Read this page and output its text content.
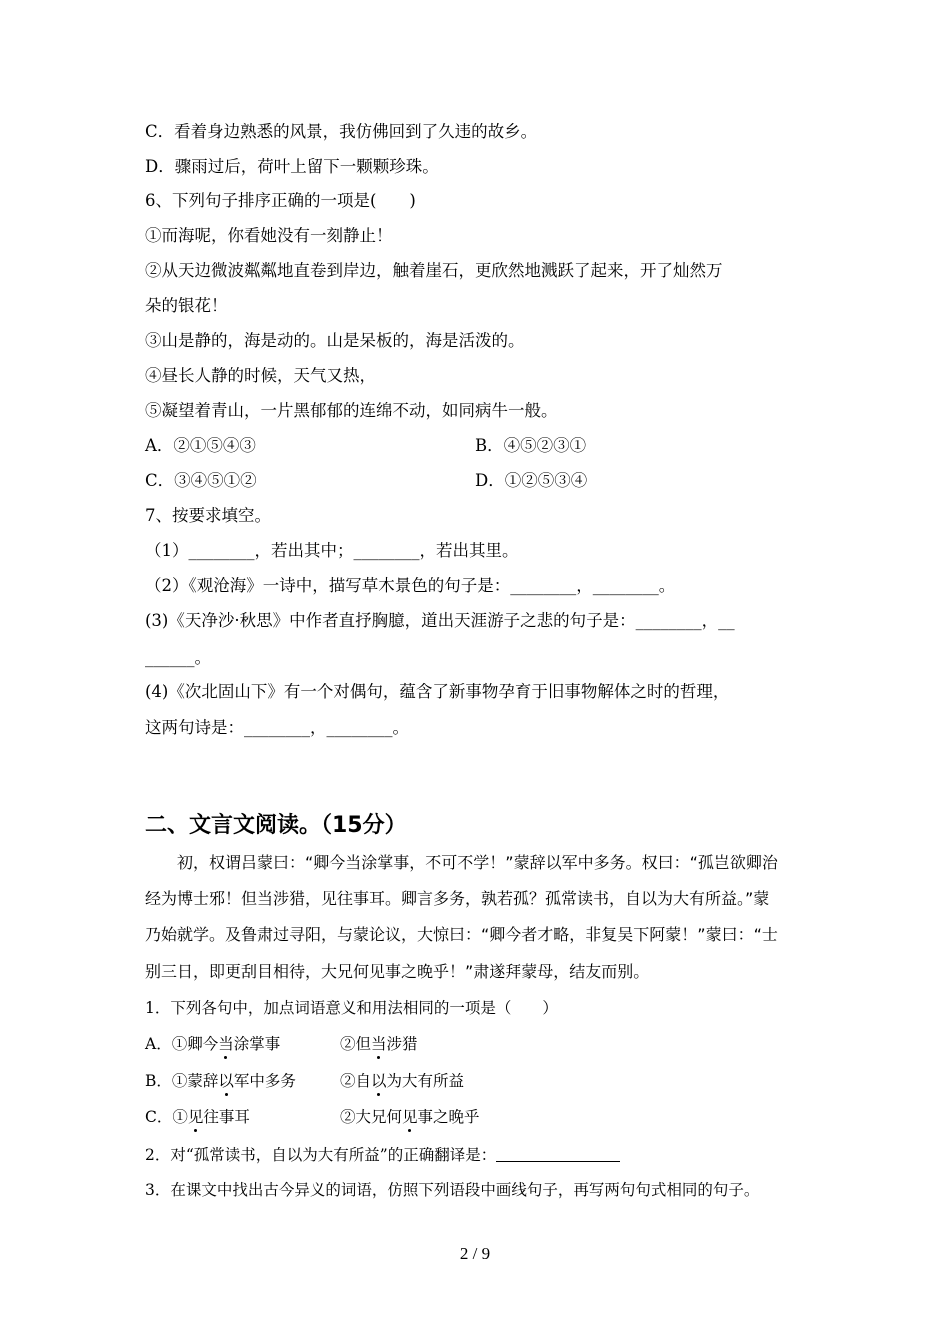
C．看着身边熟悉的风景，我仿佛回到了久违的故乡。
D．骤雨过后，荷叶上留下一颗颗珍珠。
6、下列句子排序正确的一项是(　　)
①而海呢，你看她没有一刻静止！
②从天边微波粼粼地直卷到岸边，触着崖石，更欣然地溅跃了起来，开了灿然万
朵的银花！
③山是静的，海是动的。山是呆板的，海是活泼的。
④昼长人静的时候，天气又热，
⑤凝望着青山，一片黑郁郁的连绵不动，如同病牛一般。
A．②①⑤④③	B．④⑤②③①
C．③④⑤①②	D．①②⑤③④
7、按要求填空。
（1）________，若出其中；________，若出其里。
（2）《观沧海》一诗中，描写草木景色的句子是：________，________。
(3)《天净沙·秋思》中作者直抒胸臆，道出天涯游子之悲的句子是：________，__
______。
(4)《次北固山下》有一个对偶句，蕴含了新事物孕育于旧事物解体之时的哲理，
这两句诗是：________，________。
二、文言文阅读。（15分）
　　初，权谓吕蒙曰：“卿今当涂掌事，不可不学！”蒙辞以军中多务。权曰：“孤岂欲卿治
经为博士邪！但当涉猎，见往事耳。卿言多务，孰若孤？孤常读书，自以为大有所益。”蒙
乃始就学。及鲁肃过寻阳，与蒙论议，大惊曰：“卿今者才略，非复吴下阿蒙！”蒙曰：“士
别三日，即更刮目相待，大兄何见事之晚乎！”肃遂拜蒙母，结友而别。
1．下列各句中，加点词语意义和用法相同的一项是（　　）
A．①卿今当涂掌事	②但当涉猎
B．①蒙辞以军中多务	②自以为大有所益
C．①见往事耳	②大兄何见事之晚乎
2．对“孤常读书，自以为大有所益”的正确翻译是：
3．在课文中找出古今异义的词语，仿照下列语段中画线句子，再写两句句式相同的句子。
2 / 9
